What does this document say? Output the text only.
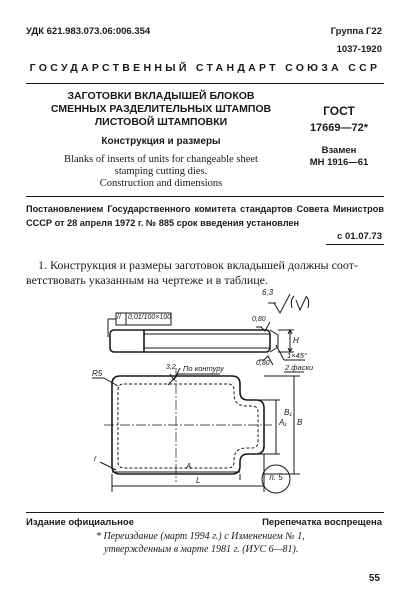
УДК 621.983.073.06:006.354	Группа Г22
1037-1920
ГОСУДАРСТВЕННЫЙ СТАНДАРТ СОЮЗА ССР
ЗАГОТОВКИ ВКЛАДЫШЕЙ БЛОКОВ
СМЕННЫХ РАЗДЕЛИТЕЛЬНЫХ ШТАМПОВ
ЛИСТОВОЙ ШТАМПОВКИ
Конструкция и размеры
Blanks of inserts of units for changeable sheet
stamping cutting dies.
Construction and dimensions
ГОСТ
17669—72*
Взамен
МН 1916—61
Постановлением Государственного комитета стандартов Совета Министров
СССР от 28 апреля 1972 г. № 885 срок введения установлен
с 01.07.73
1. Конструкция и размеры заготовок вкладышей должны соот-
ветствовать указанным на чертеже и в таблице.
6,3
// 0,01/100×100	0,80
0,80
H
1×45°
2 фаски
По контуру
R5
3,2
A₁
B₁
B
r
A
L	п. 5
Издание официальное	Перепечатка воспрещена
* Переиздание (март 1994 г.) с Изменением № 1,
утвержденным в марте 1981 г. (ИУС 6—81).
55
